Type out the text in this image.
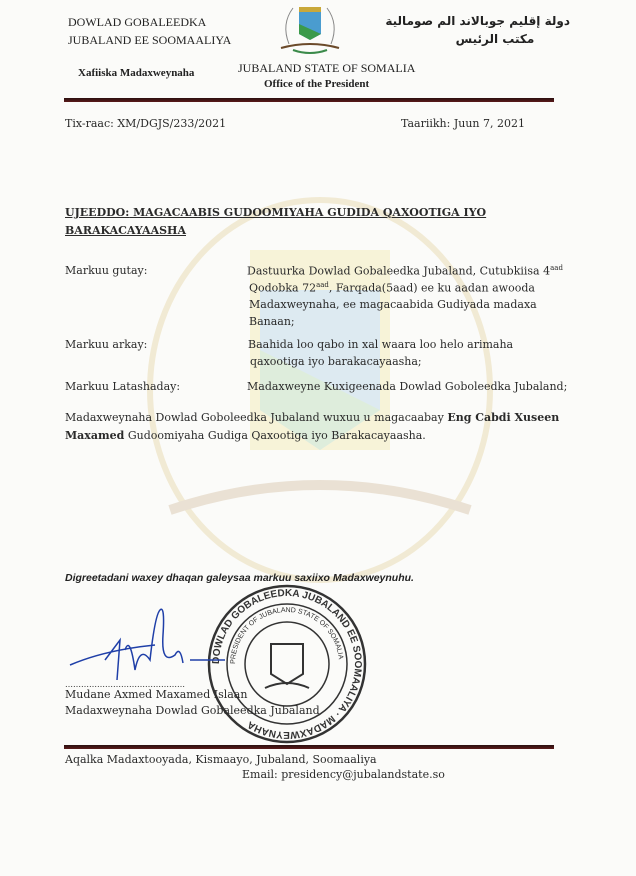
DOWLAD GOBALEEDKA
JUBALAND EE SOOMAALIYA
Xafiiska Madaxweynaha
دولة إقليم جوبالاند الم صومالية
مكتب الرئيس
JUBALAND STATE OF SOMALIA
Office of the President
Tix-raac: XM/DGJS/233/2021	Taariikh: Juun 7, 2021
UJEEDDO: MAGACAABIS GUDOOMIYAHA GUDIDA QAXOOTIGA IYO
BARAKACAYAASHA
Markuu gutay:	Dastuurka Dowlad Gobaleedka Jubaland, Cutubkiisa $4^{aad}$
Qodobka $72^{aad}$, Farqada(5aad) ee ku aadan awooda
Madaxweynaha, ee magacaabida Gudiyada madaxa
Banaan;
Markuu arkay:	Baahida loo qabo in xal waara loo helo arimaha
qaxootiga iyo barakacayaasha;
Markuu Latashaday:	Madaxweyne Kuxigeenada Dowlad Goboleedka Jubaland;
Madaxweynaha Dowlad Goboleedka Jubaland wuxuu u magacaabay Eng Cabdi Xuseen
Maxamed Gudoomiyaha Gudiga Qaxootiga iyo Barakacayaasha.
Digreetadani waxey dhaqan galeysaa markuu saxiixo Madaxweynuhu.
DOWLAD GOBALEEDKA JUBALAND EE SOOMAALIYA · MADAXWEYNAHA
PRESIDENT OF JUBALAND STATE OF SOMALIA
………………………………………
Mudane Axmed Maxamed Islaan
Madaxweynaha Dowlad Gobaleedka Jubaland
Aqalka Madaxtooyada, Kismaayo, Jubaland, Soomaaliya
Email: presidency@jubalandstate.so
